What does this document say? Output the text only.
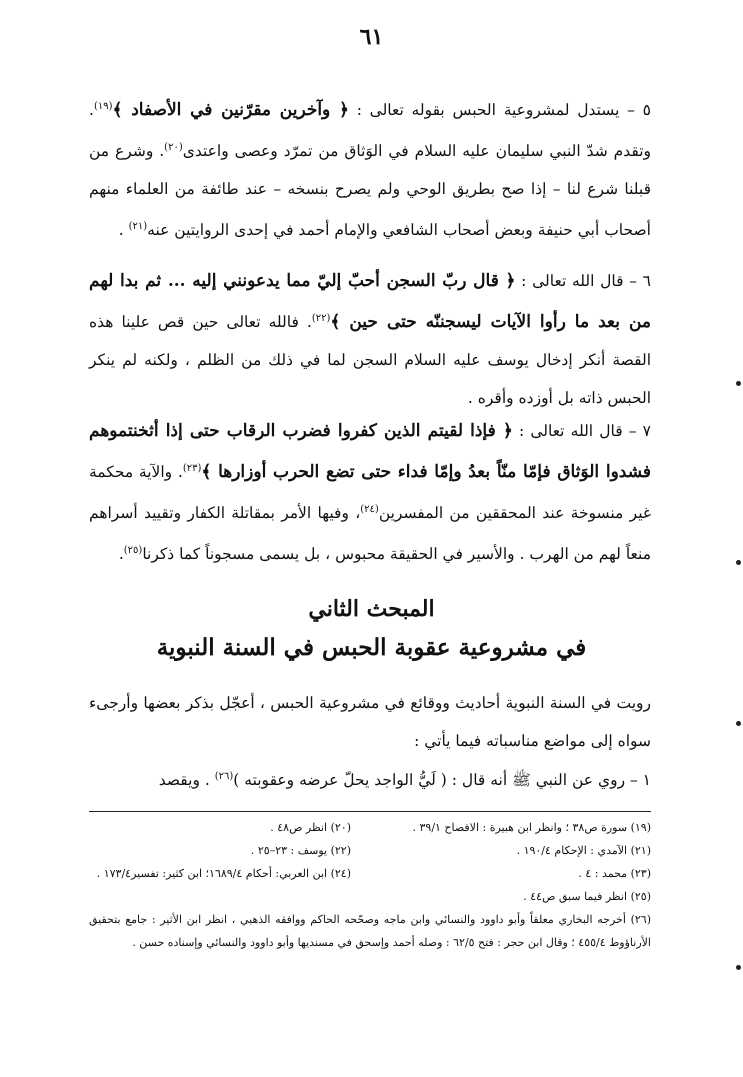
٦١
٥ – يستدل لمشروعية الحبس بقوله تعالى : ﴿ وآخرين مقرّنين في الأصفاد ﴾$^{(١٩)}$. وتقدم شدّ النبي سليمان عليه السلام في الوَثاق من تمرّد وعصى واعتدى$^{(٢٠)}$. وشرع من قبلنا شرع لنا – إذا صح بطريق الوحي ولم يصرح بنسخه – عند طائفة من العلماء منهم أصحاب أبي حنيفة وبعض أصحاب الشافعي والإمام أحمد في إحدى الروايتين عنه$^{(٢١)}$ .
٦ – قال الله تعالى : ﴿ قال ربّ السجن أحبّ إليّ مما يدعونني إليه ... ثم بدا لهم من بعد ما رأوا الآيات ليسجننّه حتى حين ﴾$^{(٢٢)}$. فالله تعالى حين قص علينا هذه القصة أنكر إدخال يوسف عليه السلام السجن لما في ذلك من الظلم ، ولكنه لم ينكر الحبس ذاته بل أوزده وأقره .
٧ – قال الله تعالى : ﴿ فإذا لقيتم الذين كفروا فضرب الرقاب حتى إذا أثخنتموهم فشدوا الوَثاق فإمّا منّاً بعدُ وإمّا فداء حتى تضع الحرب أوزارها ﴾$^{(٢٣)}$. والآية محكمة غير منسوخة عند المحققين من المفسرين$^{(٢٤)}$، وفيها الأمر بمقاتلة الكفار وتقييد أسراهم منعاً لهم من الهرب . والأسير في الحقيقة محبوس ، بل يسمى مسجوناً كما ذكرنا$^{(٢٥)}$.
المبحث الثاني
في مشروعية عقوبة الحبس في السنة النبوية
رويت في السنة النبوية أحاديث ووقائع في مشروعية الحبس ، أعجّل بذكر بعضها وأرجىء سواه إلى مواضع مناسباته فيما يأتي :
١ – روي عن النبي ﷺ أنه قال : ( لَيُّ الواجد يحلّ عرضه وعقوبته )$^{(٢٦)}$ . ويقصد
(١٩) سورة ص٣٨ ؛ وانظر ابن هبيرة : الافصاح ٣٩/١ .
(٢٠) انظر ص٤٨ .
(٢١) الآمدي : الإحكام ١٩٠/٤ .
(٢٢) يوسف : ٢٣–٢٥ .
(٢٣) محمد : ٤ .
(٢٤) ابن العربي: أحكام ١٦٨٩/٤؛ ابن كثير: تفسير١٧٣/٤ .
(٢٥) انظر فيما سبق ص٤٤ .
(٢٦) أخرجه البخاري معلقاً وأبو داوود والنسائي وابن ماجه وصحّحه الحاكم ووافقه الذهبي ، انظر ابن الأثير : جامع بتحقيق الأرناؤوط ٤٥٥/٤ ؛ وقال ابن حجر : فتح ٦٢/٥ : وصله أحمد وإسحق في مسنديها وأبو داوود والنسائي وإسناده حسن .
